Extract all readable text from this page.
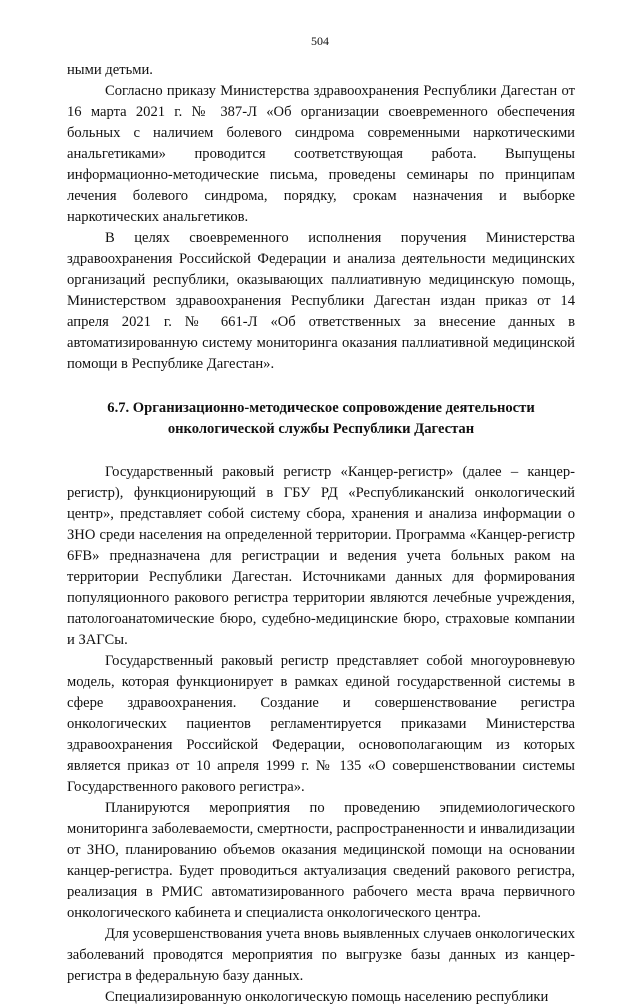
504

ными детьми.

Согласно приказу Министерства здравоохранения Республики Дагестан от 16 марта 2021 г. № 387-Л «Об организации своевременного обеспечения больных с наличием болевого синдрома современными наркотическими анальгетиками» проводится соответствующая работа. Выпущены информационно-методические письма, проведены семинары по принципам лечения болевого синдрома, порядку, срокам назначения и выборке наркотических анальгетиков.

В целях своевременного исполнения поручения Министерства здравоохранения Российской Федерации и анализа деятельности медицинских организаций республики, оказывающих паллиативную медицинскую помощь, Министерством здравоохранения Республики Дагестан издан приказ от 14 апреля 2021 г. № 661-Л «Об ответственных за внесение данных в автоматизированную систему мониторинга оказания паллиативной медицинской помощи в Республике Дагестан».

6.7. Организационно-методическое сопровождение деятельности
онкологической службы Республики Дагестан

Государственный раковый регистр «Канцер-регистр» (далее – канцер-регистр), функционирующий в ГБУ РД «Республиканский онкологический центр», представляет собой систему сбора, хранения и анализа информации о ЗНО среди населения на определенной территории. Программа «Канцер-регистр 6FB» предназначена для регистрации и ведения учета больных раком на территории Республики Дагестан. Источниками данных для формирования популяционного ракового регистра территории являются лечебные учреждения, патологоанатомические бюро, судебно-медицинские бюро, страховые компании и ЗАГСы.

Государственный раковый регистр представляет собой многоуровневую модель, которая функционирует в рамках единой государственной системы в сфере здравоохранения. Создание и совершенствование регистра онкологических пациентов регламентируется приказами Министерства здравоохранения Российской Федерации, основополагающим из которых является приказ от 10 апреля 1999 г. № 135 «О совершенствовании системы Государственного ракового регистра».

Планируются мероприятия по проведению эпидемиологического мониторинга заболеваемости, смертности, распространенности и инвалидизации от ЗНО, планированию объемов оказания медицинской помощи на основании канцер-регистра. Будет проводиться актуализация сведений ракового регистра, реализация в РМИС автоматизированного рабочего места врача первичного онкологического кабинета и специалиста онкологического центра.

Для усовершенствования учета вновь выявленных случаев онкологических заболеваний проводятся мероприятия по выгрузке базы данных из канцер-регистра в федеральную базу данных.

Специализированную онкологическую помощь населению республики
